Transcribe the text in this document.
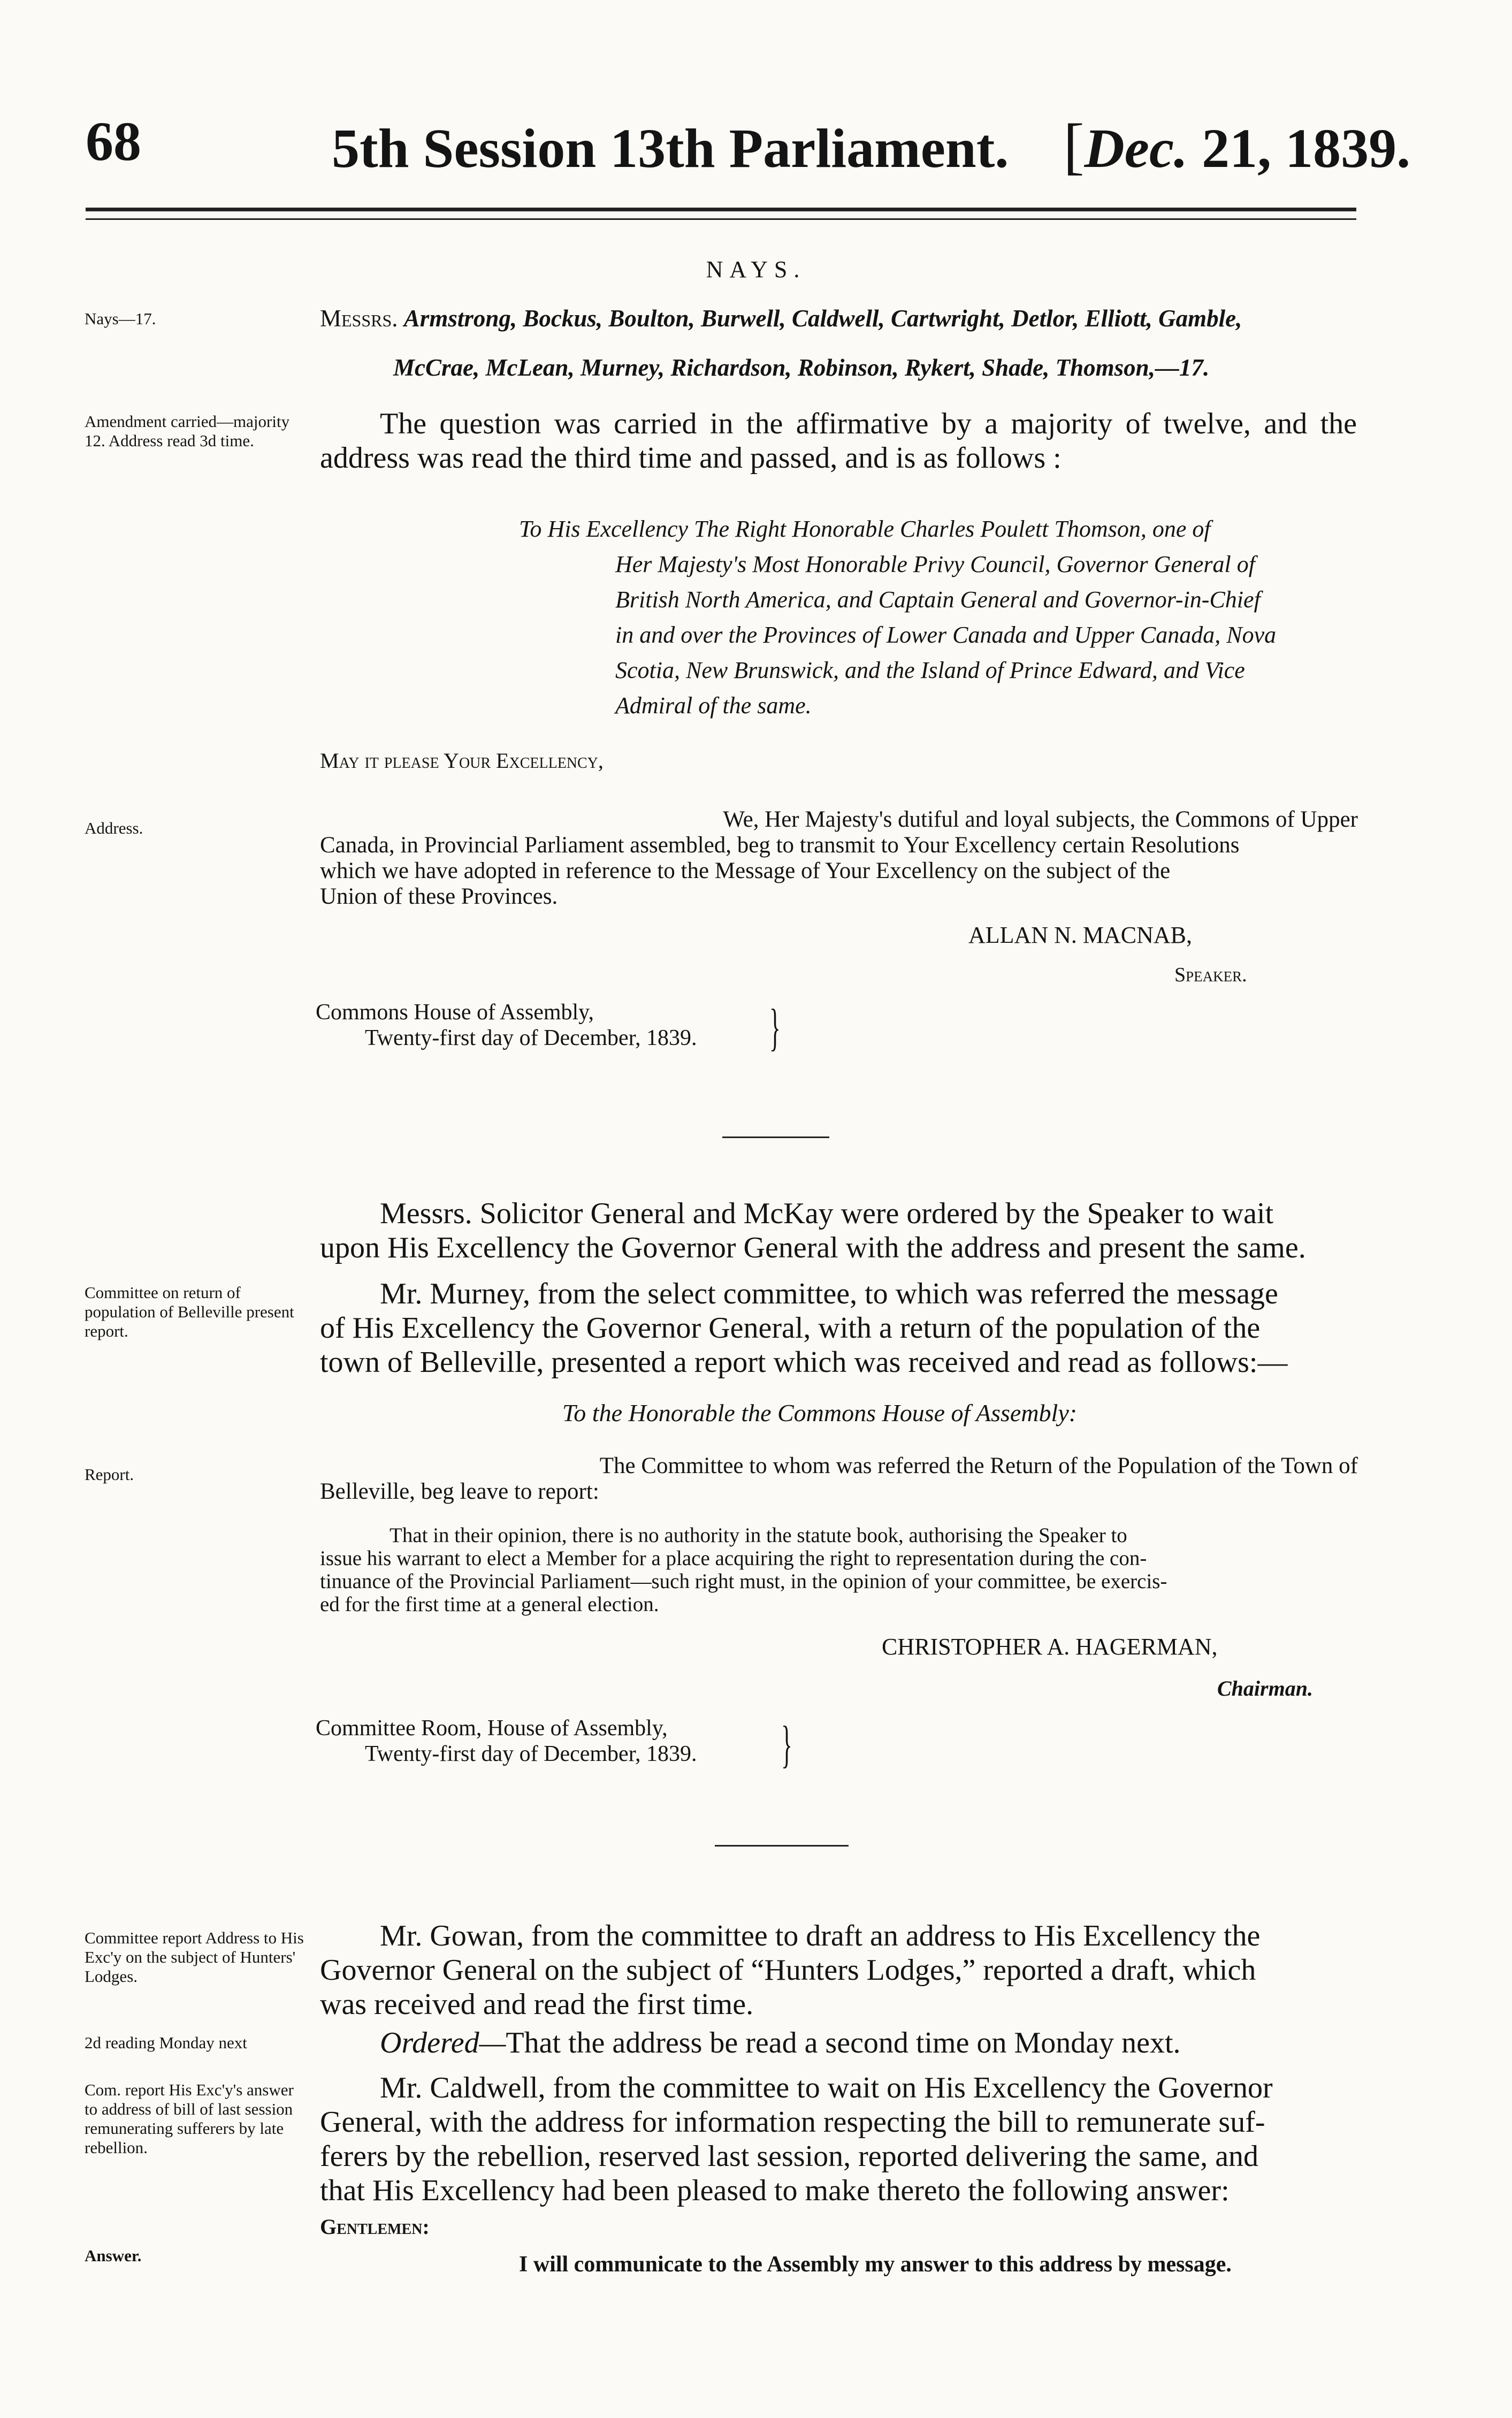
68	5th Session 13th Parliament. [Dec. 21, 1839.
NAYS.
Nays—17.	Messrs. Armstrong, Bockus, Boulton, Burwell, Caldwell, Cartwright, Detlor, Elliott, Gamble,
McCrae, McLean, Murney, Richardson, Robinson, Rykert, Shade, Thomson,—17.
Amendment carried—majority 12. Address read 3d time.
The question was carried in the affirmative by a majority of twelve, and the address was read the third time and passed, and is as follows :
To His Excellency The Right Honorable Charles Poulett Thomson, one of
Her Majesty's Most Honorable Privy Council, Governor General of
British North America, and Captain General and Governor-in-Chief
in and over the Provinces of Lower Canada and Upper Canada, Nova
Scotia, New Brunswick, and the Island of Prince Edward, and Vice
Admiral of the same.
May it please Your Excellency,
Address.	We, Her Majesty's dutiful and loyal subjects, the Commons of Upper
Canada, in Provincial Parliament assembled, beg to transmit to Your Excellency certain Resolutions
which we have adopted in reference to the Message of Your Excellency on the subject of the
Union of these Provinces.
ALLAN N. MACNAB,
Speaker.
Commons House of Assembly,
Twenty-first day of December, 1839. }
Messrs. Solicitor General and McKay were ordered by the Speaker to wait
upon His Excellency the Governor General with the address and present the same.
Committee on return of population of Belleville present report.
Mr. Murney, from the select committee, to which was referred the message
of His Excellency the Governor General, with a return of the population of the
town of Belleville, presented a report which was received and read as follows:—
To the Honorable the Commons House of Assembly:
Report.	The Committee to whom was referred the Return of the Population of the Town of
Belleville, beg leave to report:
That in their opinion, there is no authority in the statute book, authorising the Speaker to
issue his warrant to elect a Member for a place acquiring the right to representation during the con-
tinuance of the Provincial Parliament—such right must, in the opinion of your committee, be exercis-
ed for the first time at a general election.
CHRISTOPHER A. HAGERMAN,
Chairman.
Committee Room, House of Assembly,
Twenty-first day of December, 1839. }
Committee report Address to His Exc'y on the subject of Hunters' Lodges.
Mr. Gowan, from the committee to draft an address to His Excellency the
Governor General on the subject of “Hunters Lodges,” reported a draft, which
was received and read the first time.
2d reading Monday next	Ordered—That the address be read a second time on Monday next.
Com. report His Exc'y's answer to address of bill of last session remunerating sufferers by late rebellion.
Mr. Caldwell, from the committee to wait on His Excellency the Governor
General, with the address for information respecting the bill to remunerate suf-
ferers by the rebellion, reserved last session, reported delivering the same, and
that His Excellency had been pleased to make thereto the following answer:
Gentlemen:
Answer.	I will communicate to the Assembly my answer to this address by message.
